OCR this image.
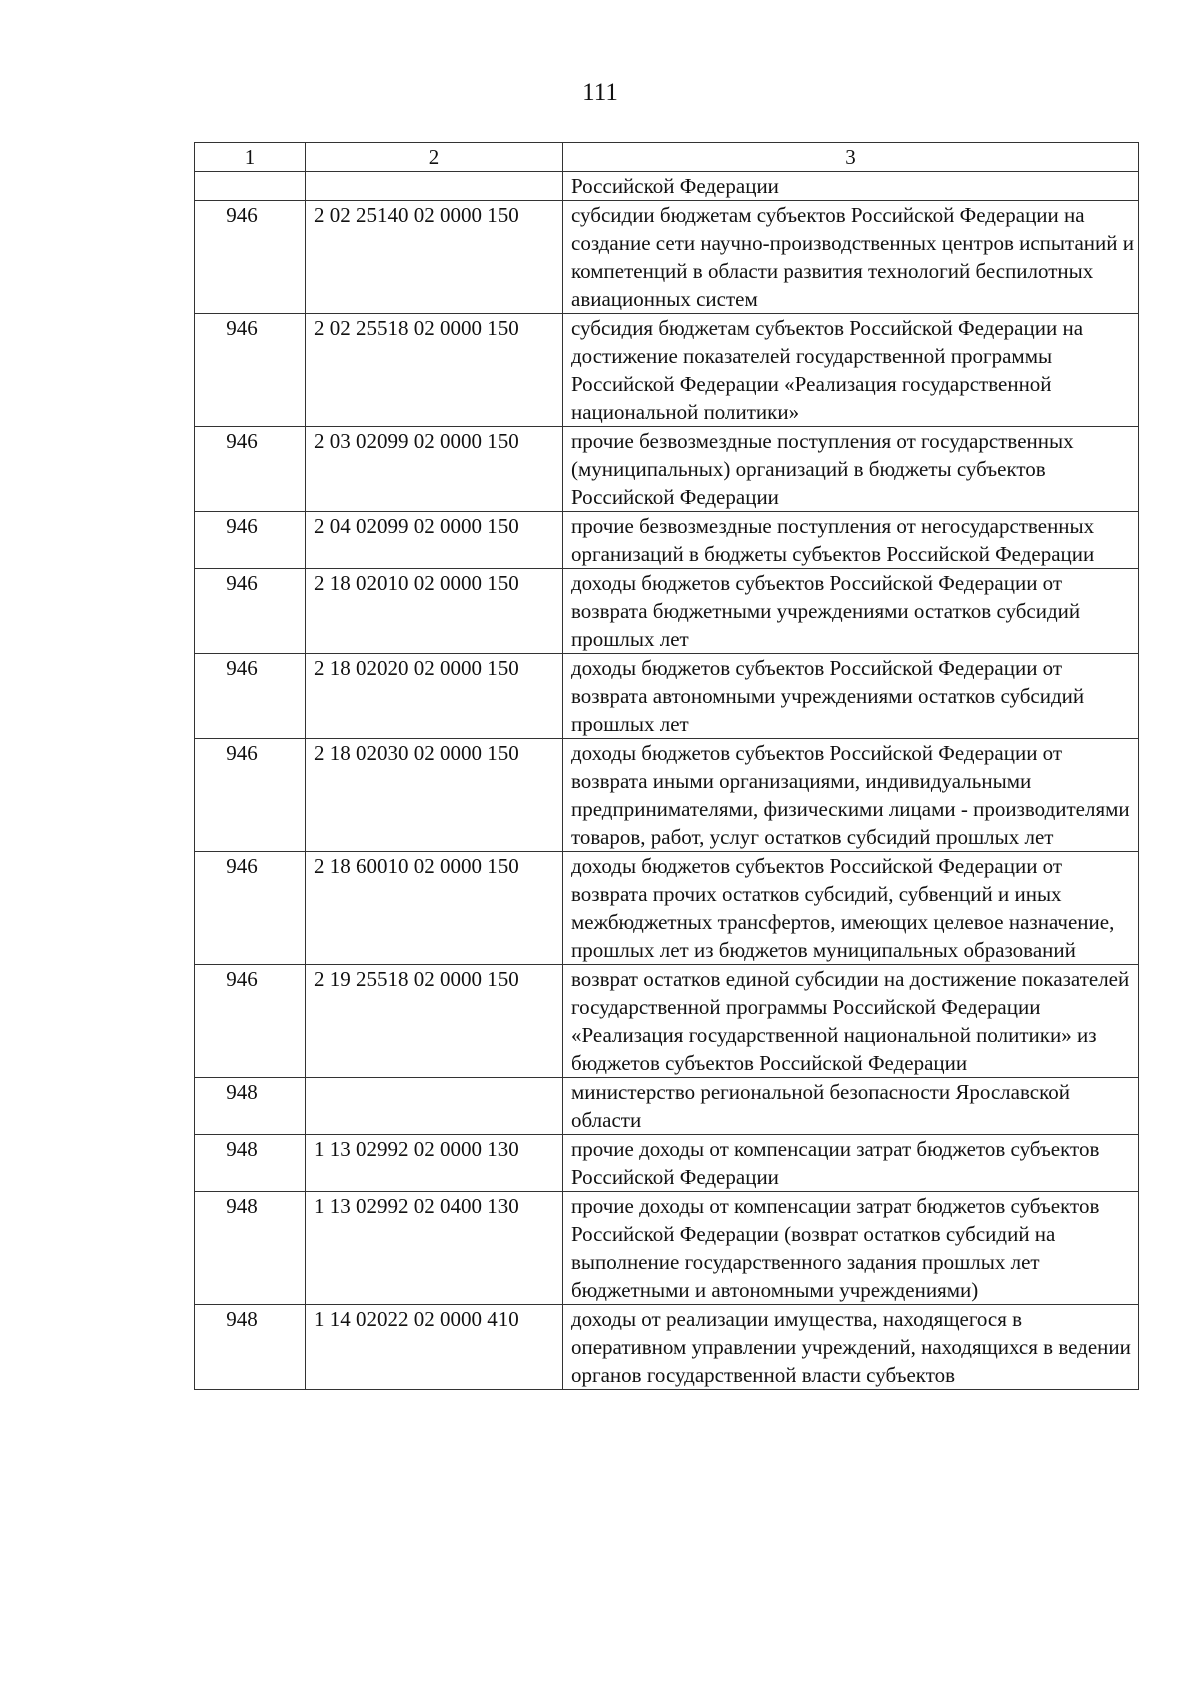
111
1	2	3
		Российской Федерации
946	2 02 25140 02 0000 150	субсидии бюджетам субъектов Российской Федерации на создание сети научно-производственных центров испытаний и компетенций в области развития технологий беспилотных авиационных систем
946	2 02 25518 02 0000 150	субсидия бюджетам субъектов Российской Федерации на достижение показателей государственной программы Российской Федерации «Реализация государственной национальной политики»
946	2 03 02099 02 0000 150	прочие безвозмездные поступления от государственных (муниципальных) организаций в бюджеты субъектов Российской Федерации
946	2 04 02099 02 0000 150	прочие безвозмездные поступления от негосударственных организаций в бюджеты субъектов Российской Федерации
946	2 18 02010 02 0000 150	доходы бюджетов субъектов Российской Федерации от возврата бюджетными учреждениями остатков субсидий прошлых лет
946	2 18 02020 02 0000 150	доходы бюджетов субъектов Российской Федерации от возврата автономными учреждениями остатков субсидий прошлых лет
946	2 18 02030 02 0000 150	доходы бюджетов субъектов Российской Федерации от возврата иными организациями, индивидуальными предпринимателями, физическими лицами - производителями товаров, работ, услуг остатков субсидий прошлых лет
946	2 18 60010 02 0000 150	доходы бюджетов субъектов Российской Федерации от возврата прочих остатков субсидий, субвенций и иных межбюджетных трансфертов, имеющих целевое назначение, прошлых лет из бюджетов муниципальных образований
946	2 19 25518 02 0000 150	возврат остатков единой субсидии на достижение показателей государственной программы Российской Федерации «Реализация государственной национальной политики» из бюджетов субъектов Российской Федерации
948		министерство региональной безопасности Ярославской области
948	1 13 02992 02 0000 130	прочие доходы от компенсации затрат бюджетов субъектов Российской Федерации
948	1 13 02992 02 0400 130	прочие доходы от компенсации затрат бюджетов субъектов Российской Федерации (возврат остатков субсидий на выполнение государственного задания прошлых лет бюджетными и автономными учреждениями)
948	1 14 02022 02 0000 410	доходы от реализации имущества, находящегося в оперативном управлении учреждений, находящихся в ведении органов государственной власти субъектов
